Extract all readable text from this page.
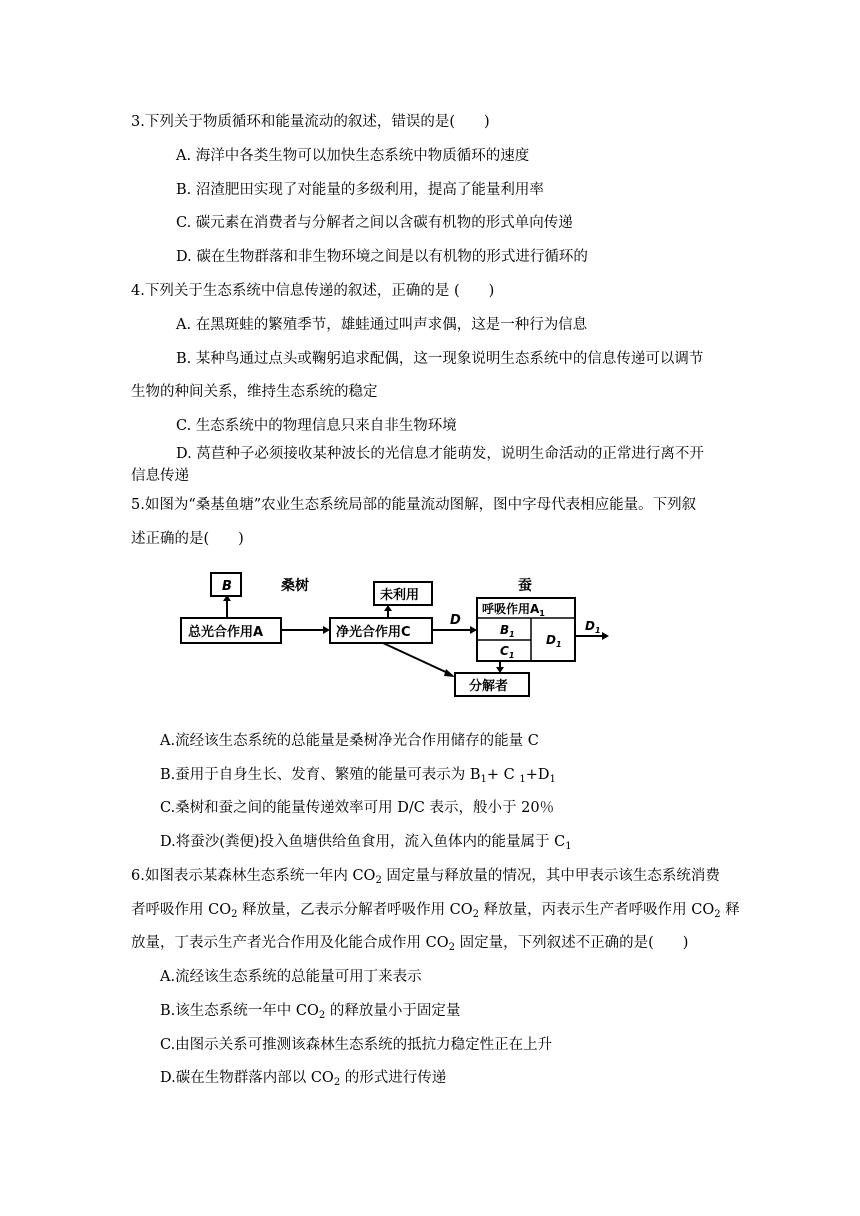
3.下列关于物质循环和能量流动的叙述，错误的是(　　)
A. 海洋中各类生物可以加快生态系统中物质循环的速度
B. 沼渣肥田实现了对能量的多级利用，提高了能量利用率
C. 碳元素在消费者与分解者之间以含碳有机物的形式单向传递
D. 碳在生物群落和非生物环境之间是以有机物的形式进行循环的
4.下列关于生态系统中信息传递的叙述，正确的是 (　　)
A. 在黑斑蛙的繁殖季节，雄蛙通过叫声求偶，这是一种行为信息
B. 某种鸟通过点头或鞠躬追求配偶，这一现象说明生态系统中的信息传递可以调节
生物的种间关系，维持生态系统的稳定
C. 生态系统中的物理信息只来自非生物环境
D. 莴苣种子必须接收某种波长的光信息才能萌发，说明生命活动的正常进行离不开
信息传递
5.如图为“桑基鱼塘”农业生态系统局部的能量流动图解，图中字母代表相应能量。下列叙
述正确的是(　　)
B	桑树
总光合作用A	净光合作用C
未利用
D
蚕
呼吸作用$A_1$
$B_1$
$C_1$
$D_1$
$D_1$
分解者
A.流经该生态系统的总能量是桑树净光合作用储存的能量 C
B.蚕用于自身生长、发育、繁殖的能量可表示为 $B_1+ C$ $_1+D_1$
C.桑树和蚕之间的能量传递效率可用 D/C 表示，般小于 20％
D.将蚕沙(粪便)投入鱼塘供给鱼食用，流入鱼体内的能量属于 $C_1$
6.如图表示某森林生态系统一年内 $CO_2$ 固定量与释放量的情况，其中甲表示该生态系统消费
者呼吸作用 $CO_2$ 释放量，乙表示分解者呼吸作用 $CO_2$ 释放量，丙表示生产者呼吸作用 $CO_2$ 释
放量，丁表示生产者光合作用及化能合成作用 $CO_2$ 固定量，下列叙述不正确的是(　　)
A.流经该生态系统的总能量可用丁来表示
B.该生态系统一年中 $CO_2$ 的释放量小于固定量
C.由图示关系可推测该森林生态系统的抵抗力稳定性正在上升
D.碳在生物群落内部以 $CO_2$ 的形式进行传递
